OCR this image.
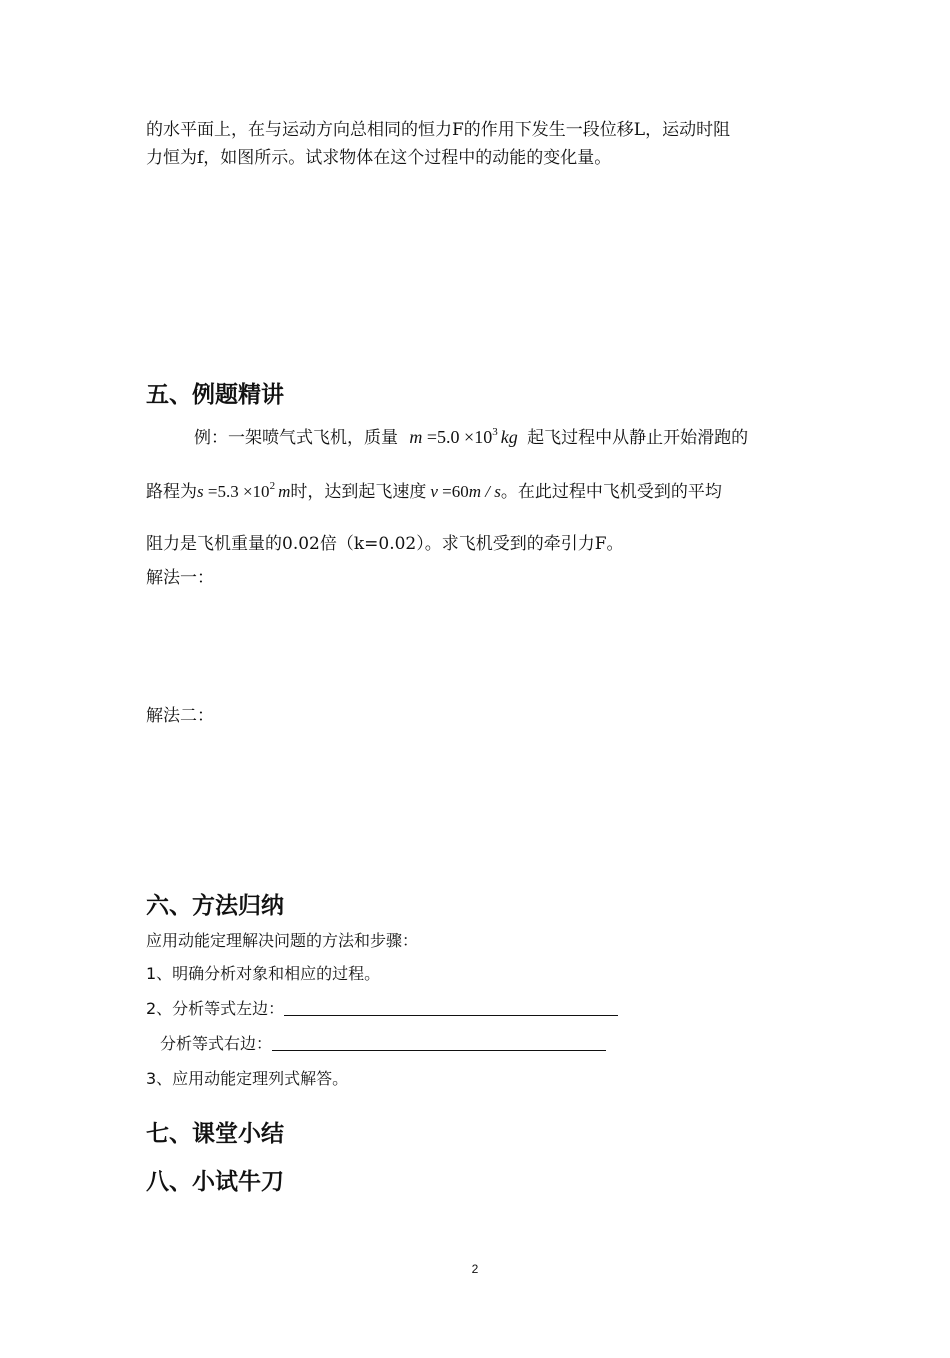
的水平面上，在与运动方向总相同的恒力F的作用下发生一段位移L，运动时阻
力恒为f，如图所示。试求物体在这个过程中的动能的变化量。
五、例题精讲
例：一架喷气式飞机，质量 $m =5.0 \times 10^3$ kg 起飞过程中从静止开始滑跑的
路程为$s =5.3 \times 10^2$ m时，达到起飞速度 v =60m / s。在此过程中飞机受到的平均
阻力是飞机重量的0.02倍（k=0.02）。求飞机受到的牵引力F。
解法一：
解法二：
六、方法归纳
应用动能定理解决问题的方法和步骤：
1、明确分析对象和相应的过程。
2、分析等式左边：
分析等式右边：
3、应用动能定理列式解答。
七、课堂小结
八、小试牛刀
2
